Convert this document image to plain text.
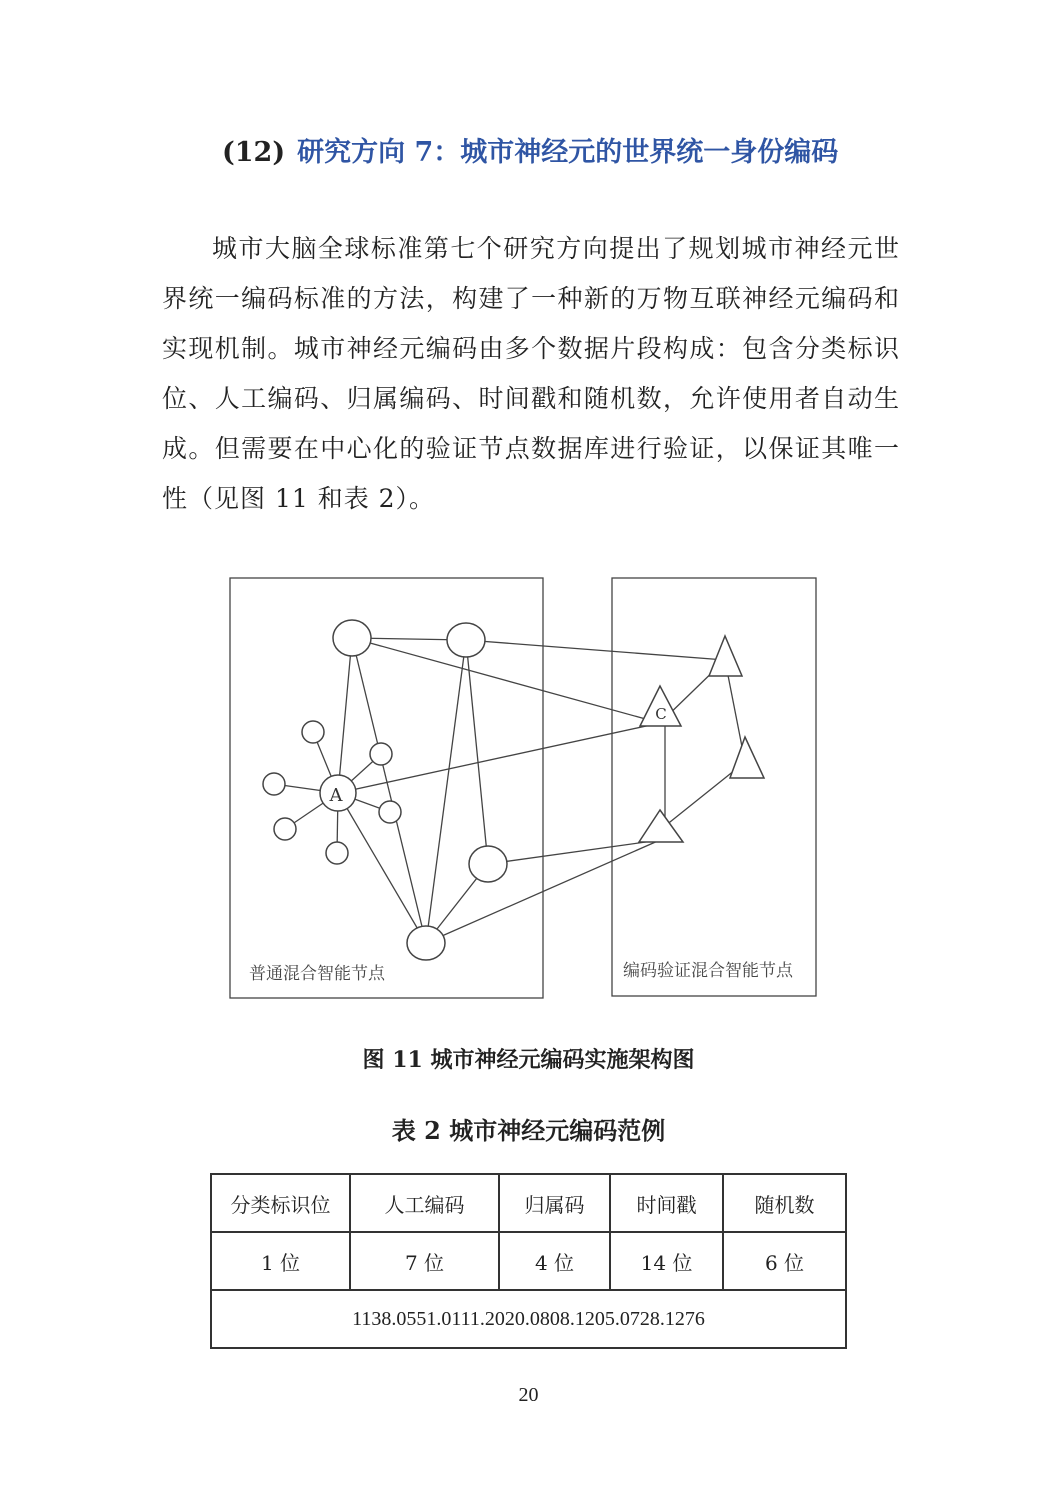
(12) 研究方向 7：城市神经元的世界统一身份编码

城市大脑全球标准第七个研究方向提出了规划城市神经元世界统一编码标准的方法，构建了一种新的万物互联神经元编码和实现机制。城市神经元编码由多个数据片段构成：包含分类标识位、人工编码、归属编码、时间戳和随机数，允许使用者自动生成。但需要在中心化的验证节点数据库进行验证，以保证其唯一性（见图 11 和表 2）。

A
C
普通混合智能节点	编码验证混合智能节点
图 11 城市神经元编码实施架构图
表 2 城市神经元编码范例
分类标识位	人工编码	归属码	时间戳	随机数
1 位	7 位	4 位	14 位	6 位
1138.0551.0111.2020.0808.1205.0728.1276				
20
